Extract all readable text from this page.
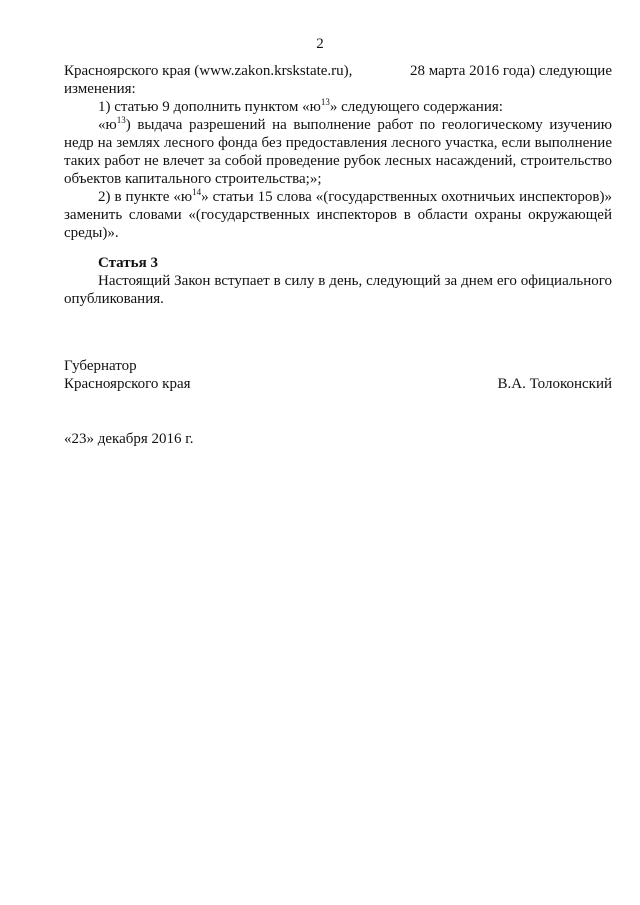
2

Красноярского края (www.zakon.krskstate.ru),	28 марта 2016 года) следующие

изменения:

1) статью 9 дополнить пунктом «$ю^{13}$» следующего содержания:

«$ю^{13}$) выдача разрешений на выполнение работ по геологическому изучению недр на землях лесного фонда без предоставления лесного участка, если выполнение таких работ не влечет за собой проведение рубок лесных насаждений, строительство объектов капитального строительства;»;

2) в пункте «$ю^{14}$» статьи 15 слова «(государственных охотничьих инспекторов)» заменить словами «(государственных инспекторов в области охраны окружающей среды)».

Статья 3

Настоящий Закон вступает в силу в день, следующий за днем его официального опубликования.

Губернатор

Красноярского края	В.А. Толоконский
«23» декабря 2016 г.
